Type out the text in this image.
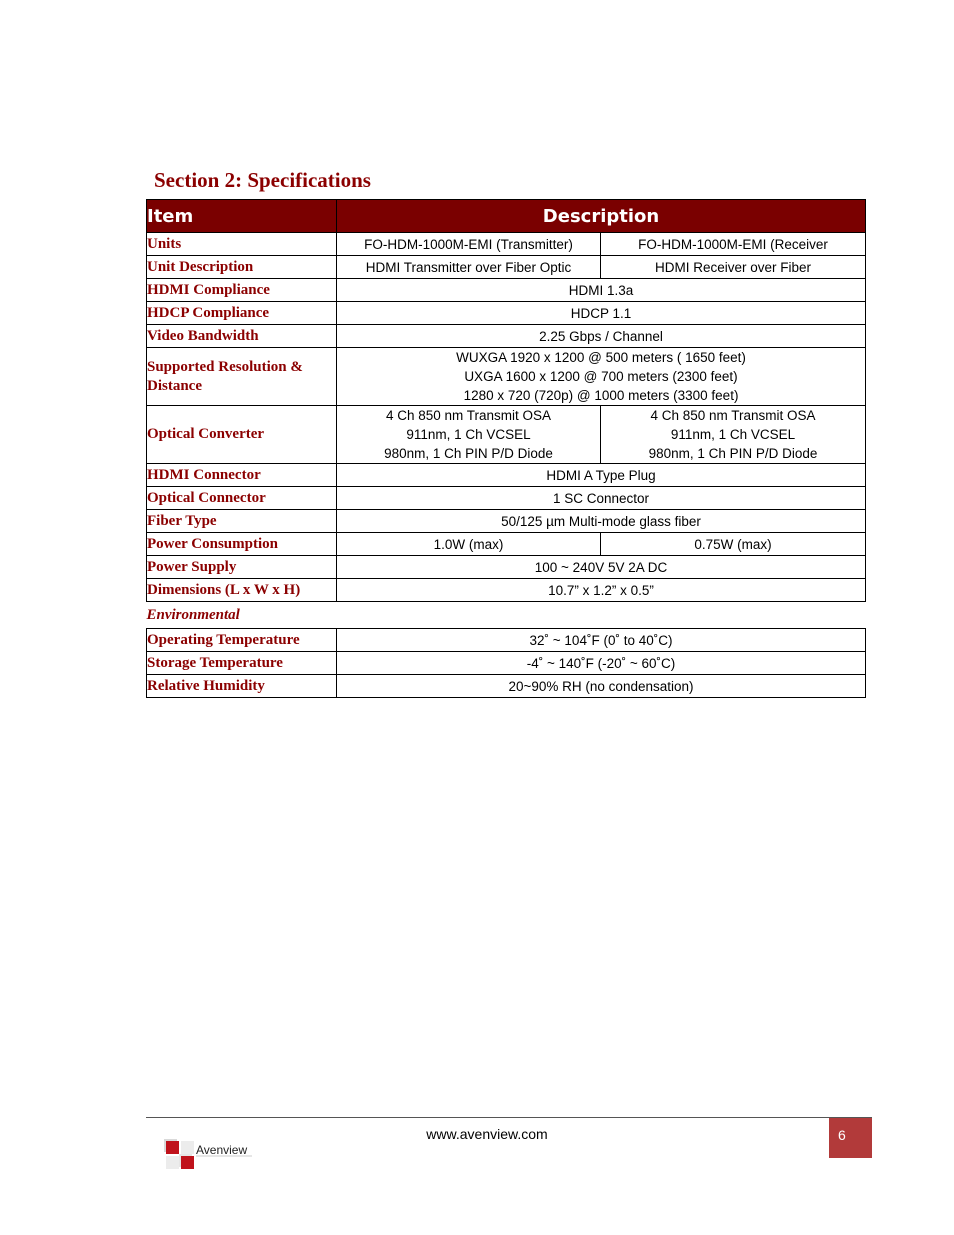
Section 2: Specifications
Item	Description	
Units	FO-HDM-1000M-EMI (Transmitter)	FO-HDM-1000M-EMI (Receiver
Unit Description	HDMI Transmitter over Fiber Optic	HDMI Receiver over Fiber
HDMI Compliance	HDMI 1.3a	
HDCP Compliance	HDCP 1.1	
Video Bandwidth	2.25 Gbps / Channel	

Supported Resolution &
Distance	WUXGA 1920 x 1200 @ 500 meters ( 1650 feet)
UXGA 1600 x 1200 @ 700 meters (2300 feet)
1280 x 720 (720p) @ 1000 meters (3300 feet)	

Optical Converter	4 Ch 850 nm Transmit OSA
911nm, 1 Ch VCSEL
980nm, 1 Ch PIN P/D Diode	4 Ch 850 nm Transmit OSA
911nm, 1 Ch VCSEL
980nm, 1 Ch PIN P/D Diode

HDMI Connector	HDMI A Type Plug	
Optical Connector	1 SC Connector	
Fiber Type	50/125 µm Multi-mode glass fiber	
Power Consumption	1.0W (max)	0.75W (max)
Power Supply	100 ~ 240V 5V 2A DC	
Dimensions (L x W x H)	10.7” x 1.2” x 0.5”	
Environmental		
Operating Temperature	32˚ ~ 104˚F (0˚ to 40˚C)	
Storage Temperature	-4˚ ~ 140˚F (-20˚ ~ 60˚C)	
Relative Humidity	20~90% RH (no condensation)	
www.avenview.com	6
Avenview
